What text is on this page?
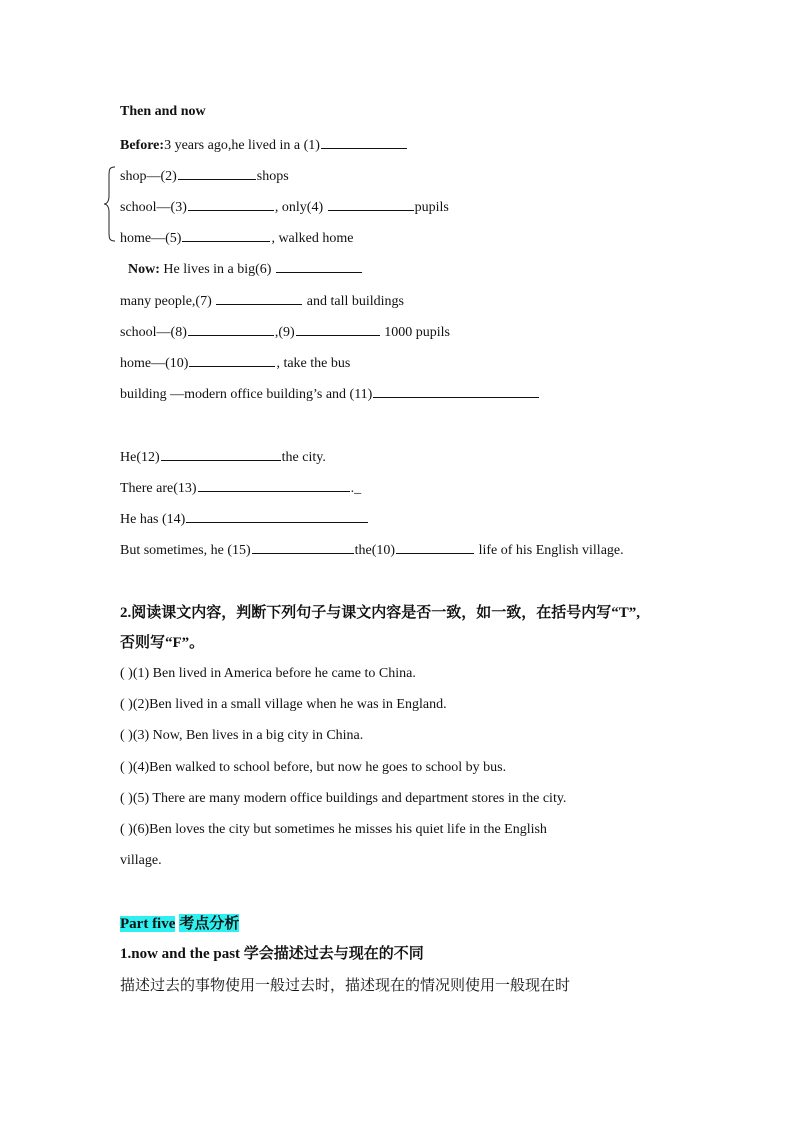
Then and now
Before:3 years ago,he lived in a (1)
shop—(2)	shops
school—(3)	, only(4)	pupils
home—(5)	, walked home
Now: He lives in a big(6)
many people,(7)	and tall buildings
school—(8)	,(9)	1000 pupils
home—(10)	, take the bus
building —modern office building’s and (11)
He(12)	the city.
There are(13)	._
He has (14)
But sometimes, he (15)	the(10)	life of his English village.
2.阅读课文内容，判断下列句子与课文内容是否一致，如一致，在括号内写“T”,
否则写“F”。
( )(1) Ben lived in America before he came to China.
( )(2)Ben lived in a small village when he was in England.
( )(3) Now, Ben lives in a big city in China.
( )(4)Ben walked to school before, but now he goes to school by bus.
( )(5) There are many modern office buildings and department stores in the city.
( )(6)Ben loves the city but sometimes he misses his quiet life in the English
village.
Part five 考点分析
1.now and the past 学会描述过去与现在的不同
描述过去的事物使用一般过去时，描述现在的情况则使用一般现在时
